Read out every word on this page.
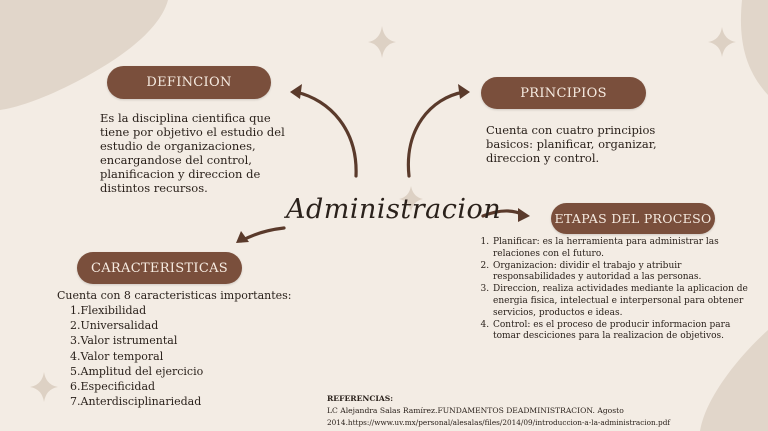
Administracion
DEFINCION
Es la disciplina cientifica que tiene por objetivo el estudio del estudio de organizaciones, encargandose del control, planificacion y direccion de distintos recursos.
PRINCIPIOS
Cuenta con cuatro principios basicos: planificar, organizar, direccion y control.
ETAPAS DEL PROCESO
1. Planificar: es la herramienta para administrar las relaciones con el futuro.
2. Organizacion: dividir el trabajo y atribuir responsabilidades y autoridad a las personas.
3. Direccion, realiza actividades mediante la aplicacion de energia fisica, intelectual e interpersonal para obtener servicios, productos e ideas.
4. Control: es el proceso de producir informacion para tomar desciciones para la realizacion de objetivos.
CARACTERISTICAS
Cuenta con 8 caracteristicas importantes:
1.Flexibilidad
2.Universalidad
3.Valor istrumental
4.Valor temporal
5.Amplitud del ejercicio
6.Especificidad
7.Anterdisciplinariedad	REFERENCIAS:
LC Alejandra Salas Ramírez.FUNDAMENTOS DEADMINISTRACION. Agosto
2014.https://www.uv.mx/personal/alesalas/files/2014/09/introduccion-a-la-administracion.pdf
